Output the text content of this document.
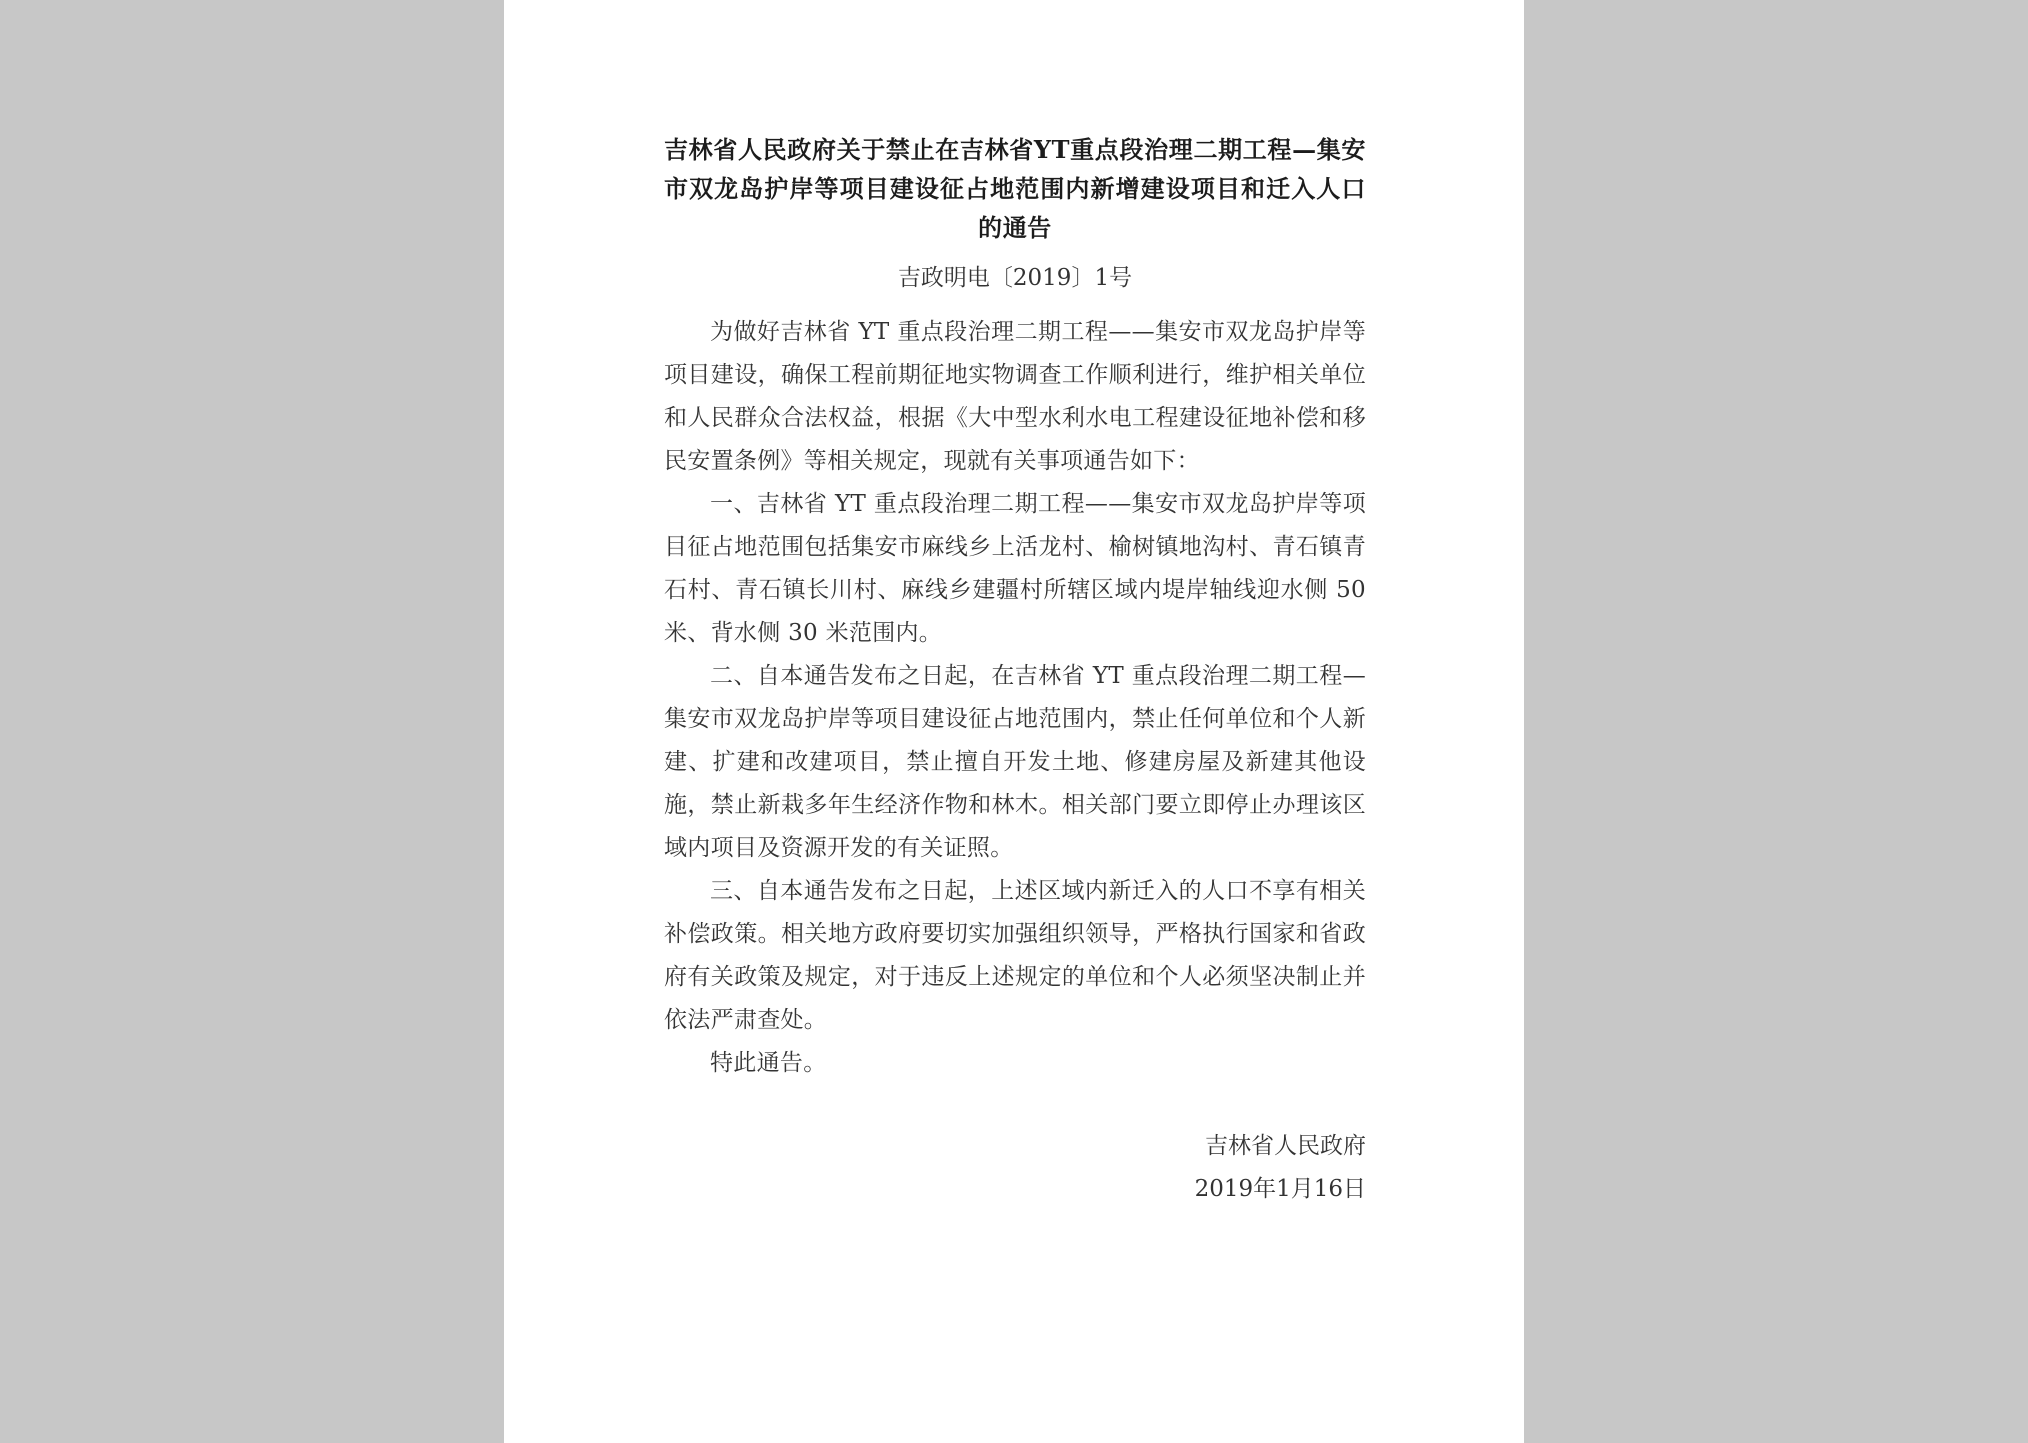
吉林省人民政府关于禁止在吉林省YT重点段治理二期工程—集安市双龙岛护岸等项目建设征占地范围内新增建设项目和迁入人口的通告

吉政明电〔2019〕1号

为做好吉林省 YT 重点段治理二期工程——集安市双龙岛护岸等项目建设，确保工程前期征地实物调查工作顺利进行，维护相关单位和人民群众合法权益，根据《大中型水利水电工程建设征地补偿和移民安置条例》等相关规定，现就有关事项通告如下：

一、吉林省 YT 重点段治理二期工程——集安市双龙岛护岸等项目征占地范围包括集安市麻线乡上活龙村、榆树镇地沟村、青石镇青石村、青石镇长川村、麻线乡建疆村所辖区域内堤岸轴线迎水侧 50 米、背水侧 30 米范围内。

二、自本通告发布之日起，在吉林省 YT 重点段治理二期工程—集安市双龙岛护岸等项目建设征占地范围内，禁止任何单位和个人新建、扩建和改建项目，禁止擅自开发土地、修建房屋及新建其他设施，禁止新栽多年生经济作物和林木。相关部门要立即停止办理该区域内项目及资源开发的有关证照。

三、自本通告发布之日起，上述区域内新迁入的人口不享有相关补偿政策。相关地方政府要切实加强组织领导，严格执行国家和省政府有关政策及规定，对于违反上述规定的单位和个人必须坚决制止并依法严肃查处。

特此通告。

吉林省人民政府
2019年1月16日
